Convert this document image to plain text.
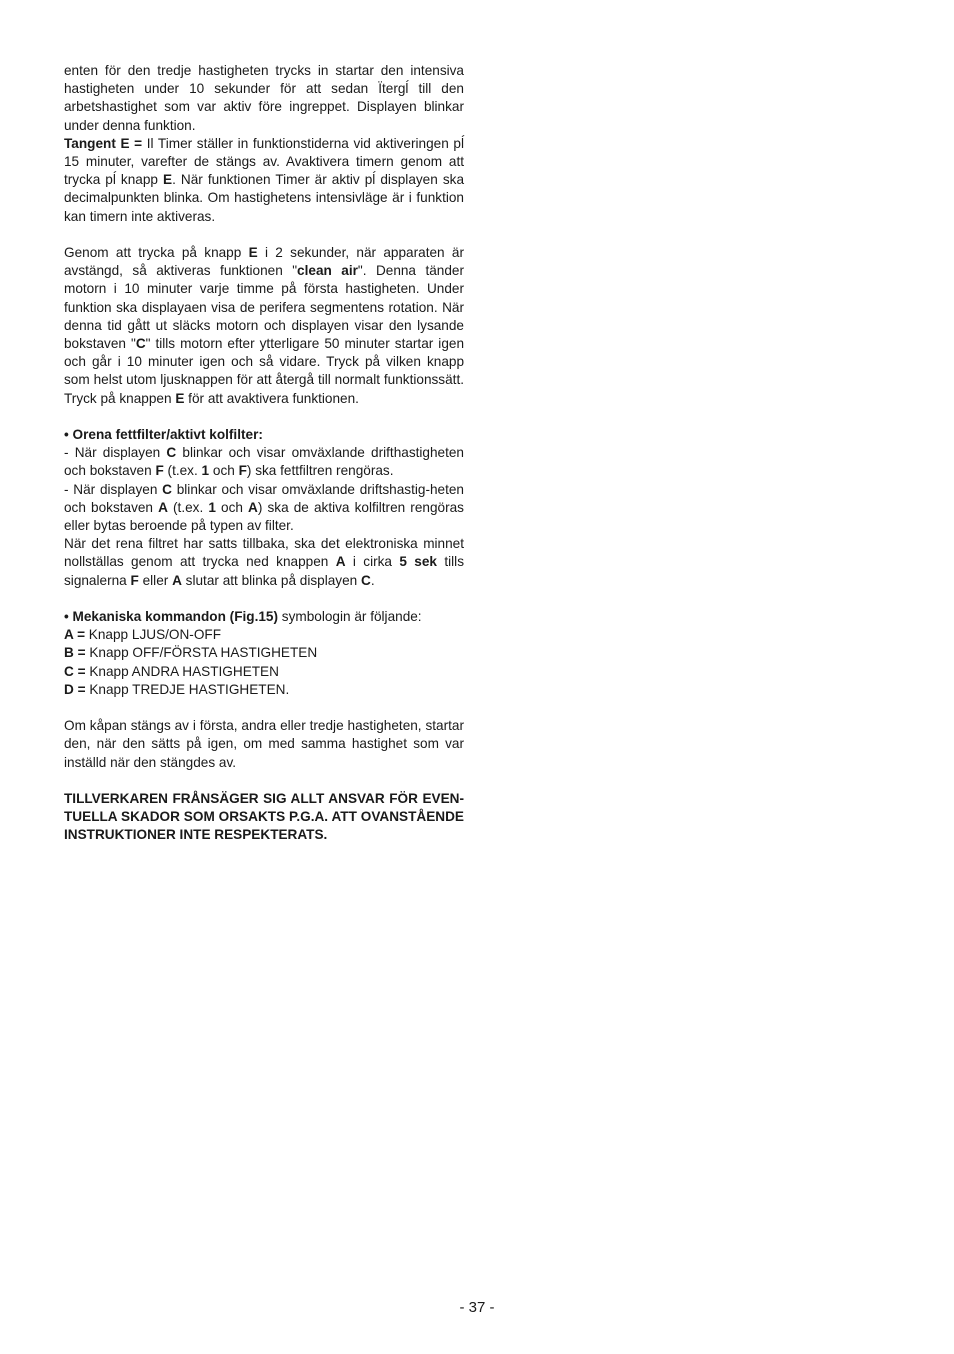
enten för den tredje hastigheten trycks in startar den intensiva hastigheten under 10 sekunder för att sedan Ïtergĺ till den arbetshastighet som var aktiv före ingreppet. Displayen blinkar under denna funktion.

Tangent E = Il Timer ställer in funktionstiderna vid aktiveringen pĺ 15 minuter, varefter de stängs av. Avaktivera timern genom att trycka pĺ knapp E. När funktionen Timer är aktiv pĺ displayen ska decimalpunkten blinka. Om hastighetens intensivläge är i funktion kan timern inte aktiveras.

Genom att trycka på knapp E i 2 sekunder, när apparaten är avstängd, så aktiveras funktionen "clean air". Denna tänder motorn i 10 minuter varje timme på första hastigheten. Under funktion ska displayaen visa de perifera segmentens rotation. När denna tid gått ut släcks motorn och displayen visar den lysande bokstaven "C" tills motorn efter ytterligare 50 minuter startar igen och går i 10 minuter igen och så vidare. Tryck på vilken knapp som helst utom ljusknappen för att återgå till normalt funktionssätt. Tryck på knappen E för att avaktivera funktionen.

• Orena fettfilter/aktivt kolfilter:

- När displayen C blinkar och visar omväxlande drifthastigheten och bokstaven F (t.ex. 1 och F) ska fettfiltren rengöras.

- När displayen C blinkar och visar omväxlande driftshastig-heten och bokstaven A (t.ex. 1 och A) ska de aktiva kolfiltren rengöras eller bytas beroende på typen av filter.

När det rena filtret har satts tillbaka, ska det elektroniska minnet nollställas genom att trycka ned knappen A i cirka 5 sek tills signalerna F eller A slutar att blinka på displayen C.

• Mekaniska kommandon (Fig.15) symbologin är följande:

A = Knapp LJUS/ON-OFF

B = Knapp OFF/FÖRSTA HASTIGHETEN

C = Knapp ANDRA HASTIGHETEN

D = Knapp TREDJE HASTIGHETEN.

Om kåpan stängs av i första, andra eller tredje hastigheten, startar den, när den sätts på igen, om med samma hastighet som var inställd när den stängdes av.

TILLVERKAREN FRÅNSÄGER SIG ALLT ANSVAR FÖR EVEN-TUELLA SKADOR SOM ORSAKTS P.G.A. ATT OVANSTÅENDE INSTRUKTIONER INTE RESPEKTERATS.

- 37 -
